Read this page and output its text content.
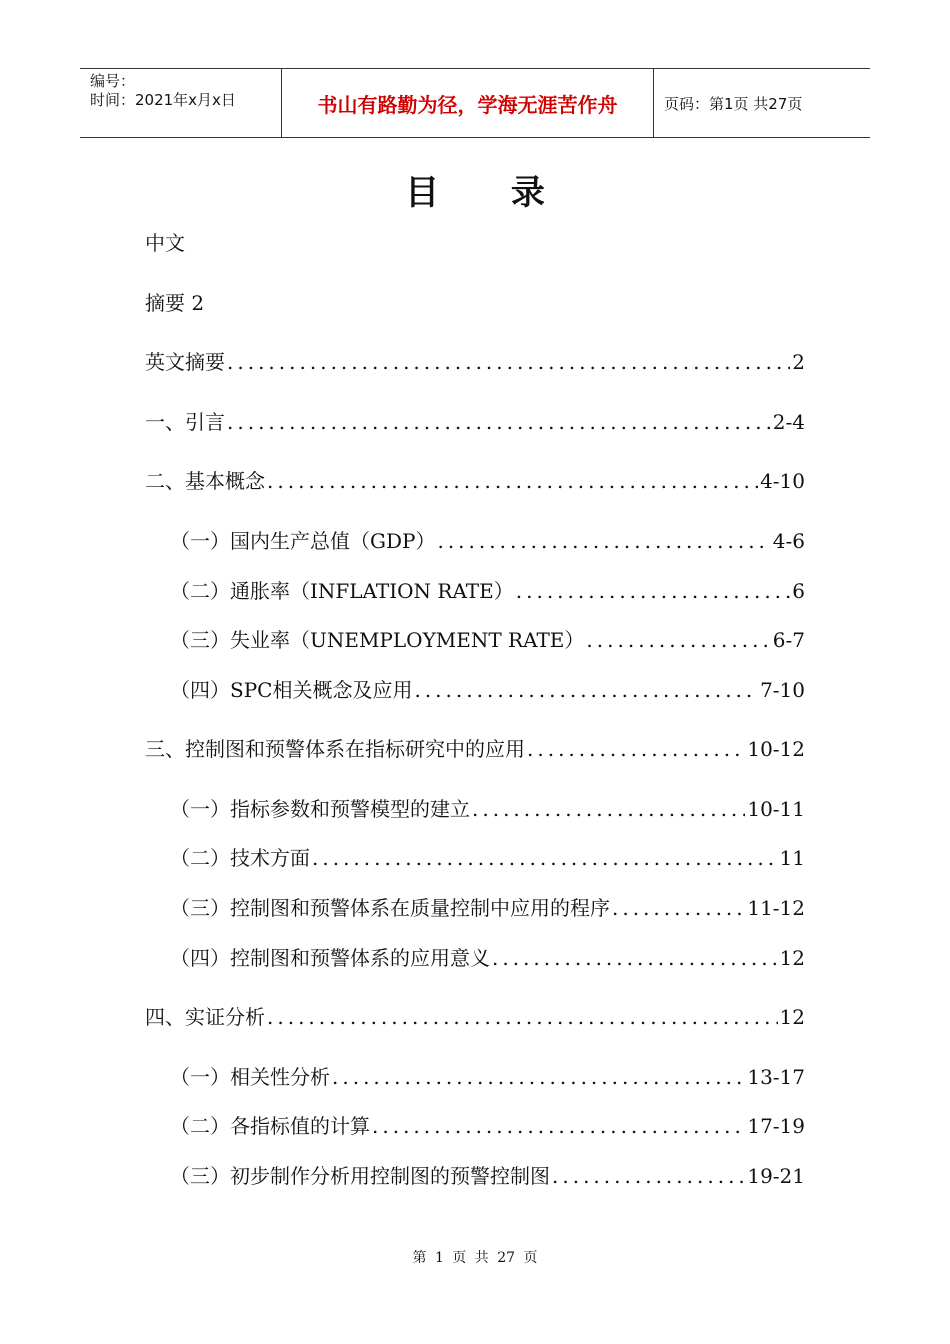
编号：
时间：2021年x月x日	书山有路勤为径，学海无涯苦作舟	页码：第1页 共27页
目 录
中文
摘要 2
英文摘要 .....	2
一、引言 .....	2-4
二、基本概念 .....	4-10
（一） 国内生产总值（GDP） .....	4-6
（二） 通胀率（INFLATION RATE） .....	6
（三） 失业率（UNEMPLOYMENT RATE） .....	6-7
（四） SPC相关概念及应用 .....	7-10
三、控制图和预警体系在指标研究中的应用 .....	10-12
（一）指标参数和预警模型的建立 .....	10-11
（二）技术方面 .....	11
（三）控制图和预警体系在质量控制中应用的程序 .....	11-12
（四）控制图和预警体系的应用意义 .....	12
四、实证分析 .....	12
（一） 相关性分析 .....	13-17
（二） 各指标值的计算 .....	17-19
（三） 初步制作分析用控制图的预警控制图 .....	19-21
第 1 页 共 27 页
